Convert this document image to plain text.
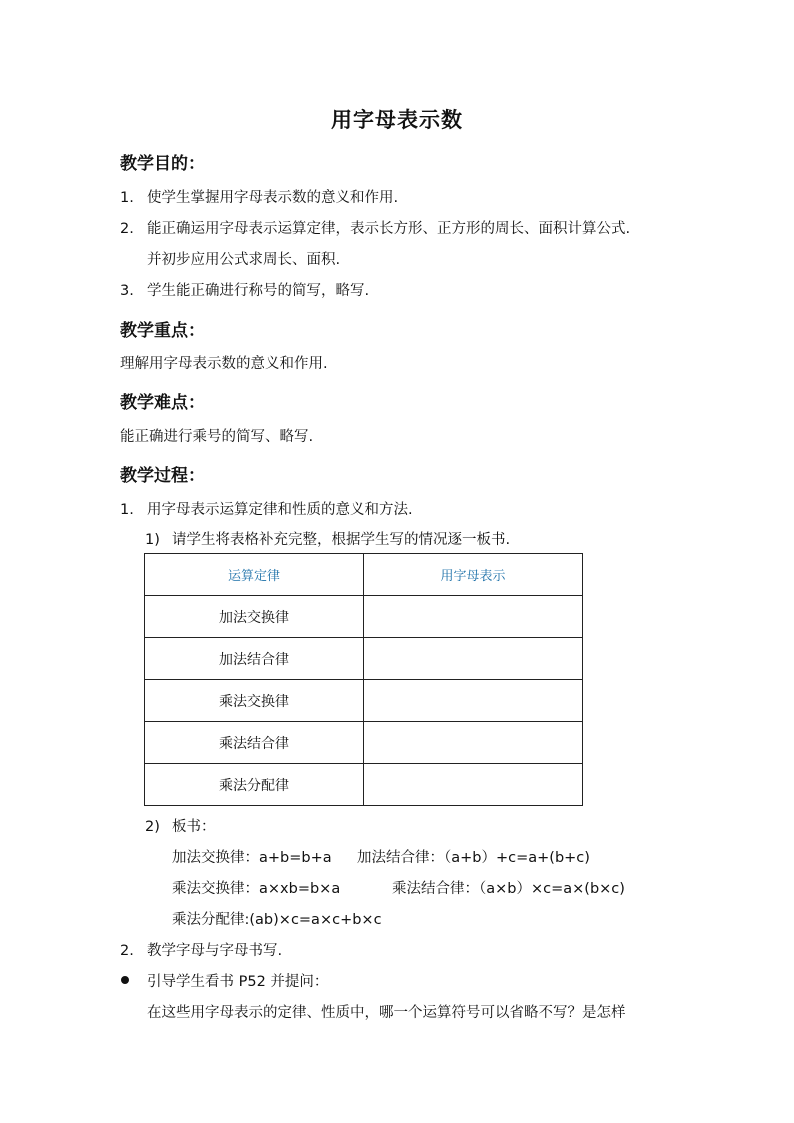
用字母表示数
教学目的：
1. 使学生掌握用字母表示数的意义和作用.
2. 能正确运用字母表示运算定律，表示长方形、正方形的周长、面积计算公式.
并初步应用公式求周长、面积.
3. 学生能正确进行称号的简写，略写.
教学重点：
理解用字母表示数的意义和作用.
教学难点：
能正确进行乘号的简写、略写.
教学过程：
1. 用字母表示运算定律和性质的意义和方法.
1) 请学生将表格补充完整，根据学生写的情况逐一板书.
运算定律	用字母表示
加法交换律	
加法结合律	
乘法交换律	
乘法结合律	
乘法分配律	
2) 板书：
加法交换律：a+b=b+a 加法结合律：（a+b）+c=a+(b+c)
乘法交换律：a×xb=b×a	乘法结合律：（a×b）×c=a×(b×c)
乘法分配律:(ab)×c=a×c+b×c
2. 教学字母与字母书写.
引导学生看书 P52 并提问：
在这些用字母表示的定律、性质中，哪一个运算符号可以省略不写？是怎样
